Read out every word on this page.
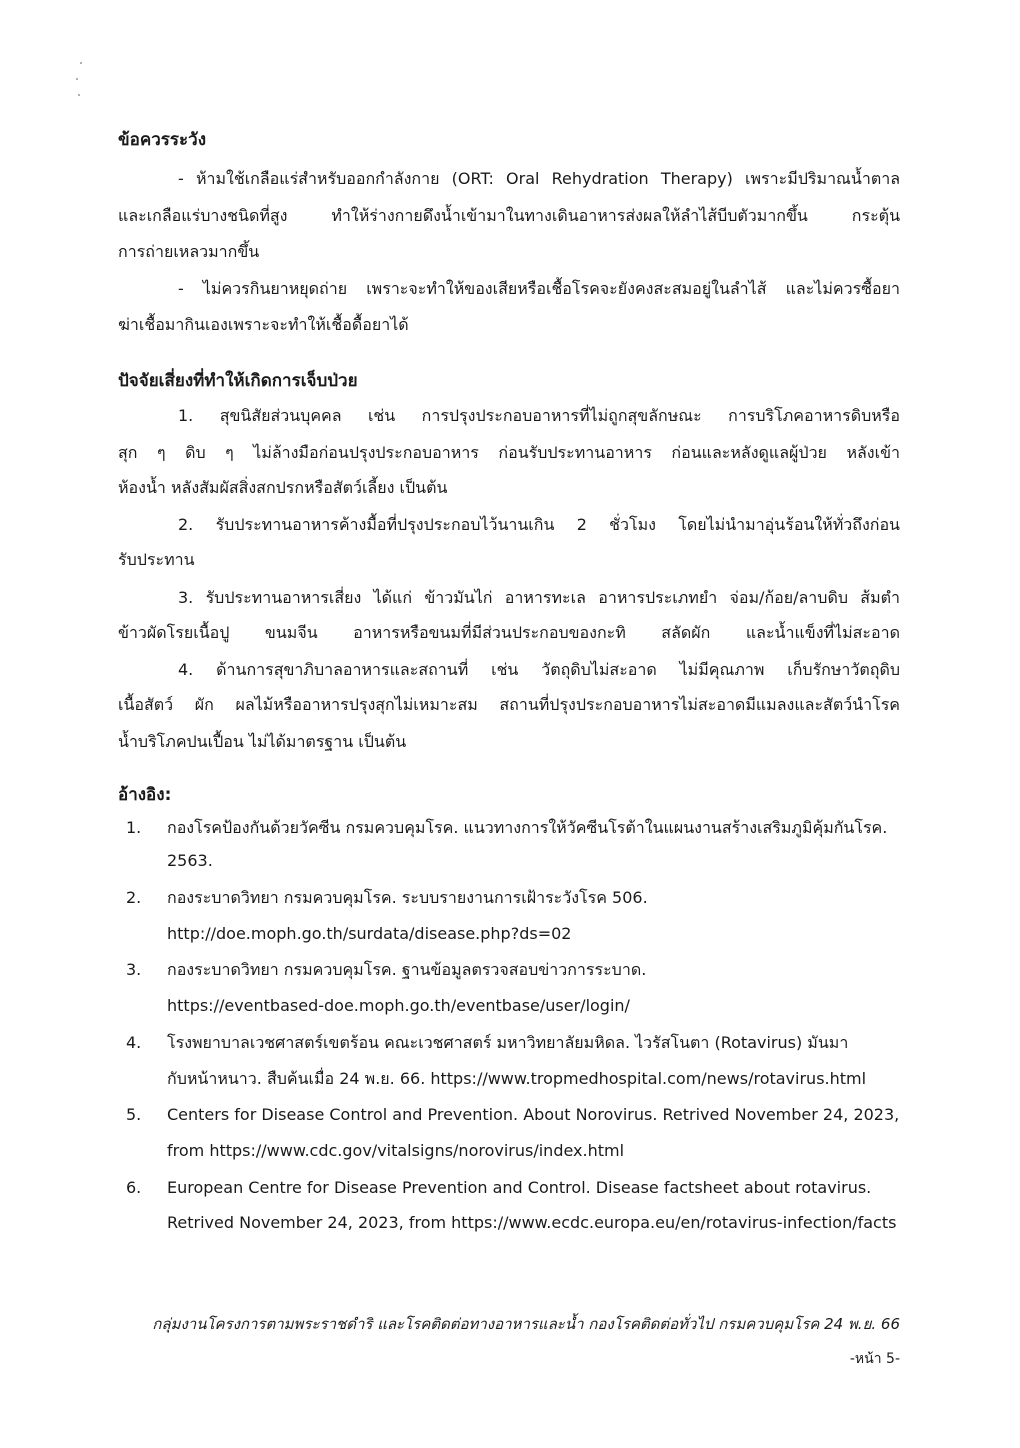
ข้อควรระวัง
- ห้ามใช้เกลือแร่สำหรับออกกำลังกาย (ORT: Oral Rehydration Therapy) เพราะมีปริมาณน้ำตาล
และเกลือแร่บางชนิดที่สูง ทำให้ร่างกายดึงน้ำเข้ามาในทางเดินอาหารส่งผลให้ลำไส้บีบตัวมากขึ้น กระตุ้น
การถ่ายเหลวมากขึ้น
- ไม่ควรกินยาหยุดถ่าย เพราะจะทำให้ของเสียหรือเชื้อโรคจะยังคงสะสมอยู่ในลำไส้ และไม่ควรซื้อยา
ฆ่าเชื้อมากินเองเพราะจะทำให้เชื้อดื้อยาได้
ปัจจัยเสี่ยงที่ทำให้เกิดการเจ็บป่วย
1. สุขนิสัยส่วนบุคคล เช่น การปรุงประกอบอาหารที่ไม่ถูกสุขลักษณะ การบริโภคอาหารดิบหรือ
สุก ๆ ดิบ ๆ ไม่ล้างมือก่อนปรุงประกอบอาหาร ก่อนรับประทานอาหาร ก่อนและหลังดูแลผู้ป่วย หลังเข้า
ห้องน้ำ หลังสัมผัสสิ่งสกปรกหรือสัตว์เลี้ยง เป็นต้น
2. รับประทานอาหารค้างมื้อที่ปรุงประกอบไว้นานเกิน 2 ชั่วโมง โดยไม่นำมาอุ่นร้อนให้ทั่วถึงก่อน
รับประทาน
3. รับประทานอาหารเสี่ยง ได้แก่ ข้าวมันไก่ อาหารทะเล อาหารประเภทยำ จ่อม/ก้อย/ลาบดิบ ส้มตำ
ข้าวผัดโรยเนื้อปู ขนมจีน อาหารหรือขนมที่มีส่วนประกอบของกะทิ สลัดผัก และน้ำแข็งที่ไม่สะอาด
4. ด้านการสุขาภิบาลอาหารและสถานที่ เช่น วัตถุดิบไม่สะอาด ไม่มีคุณภาพ เก็บรักษาวัตถุดิบ
เนื้อสัตว์ ผัก ผลไม้หรืออาหารปรุงสุกไม่เหมาะสม สถานที่ปรุงประกอบอาหารไม่สะอาดมีแมลงและสัตว์นำโรค
น้ำบริโภคปนเปื้อน ไม่ได้มาตรฐาน เป็นต้น
อ้างอิง:
1. กองโรคป้องกันด้วยวัคซีน กรมควบคุมโรค. แนวทางการให้วัคซีนโรต้าในแผนงานสร้างเสริมภูมิคุ้มกันโรค.
2563.
2. กองระบาดวิทยา กรมควบคุมโรค. ระบบรายงานการเฝ้าระวังโรค 506.
http://doe.moph.go.th/surdata/disease.php?ds=02
3. กองระบาดวิทยา กรมควบคุมโรค. ฐานข้อมูลตรวจสอบข่าวการระบาด.
https://eventbased-doe.moph.go.th/eventbase/user/login/
4. โรงพยาบาลเวชศาสตร์เขตร้อน คณะเวชศาสตร์ มหาวิทยาลัยมหิดล. ไวรัสโนตา (Rotavirus) มันมา
กับหน้าหนาว. สืบค้นเมื่อ 24 พ.ย. 66. https://www.tropmedhospital.com/news/rotavirus.html
5. Centers for Disease Control and Prevention. About Norovirus. Retrived November 24, 2023,
from https://www.cdc.gov/vitalsigns/norovirus/index.html
6. European Centre for Disease Prevention and Control. Disease factsheet about rotavirus.
Retrived November 24, 2023, from https://www.ecdc.europa.eu/en/rotavirus-infection/facts
กลุ่มงานโครงการตามพระราชดำริ และโรคติดต่อทางอาหารและน้ำ กองโรคติดต่อทั่วไป กรมควบคุมโรค 24 พ.ย. 66
-หน้า 5-
